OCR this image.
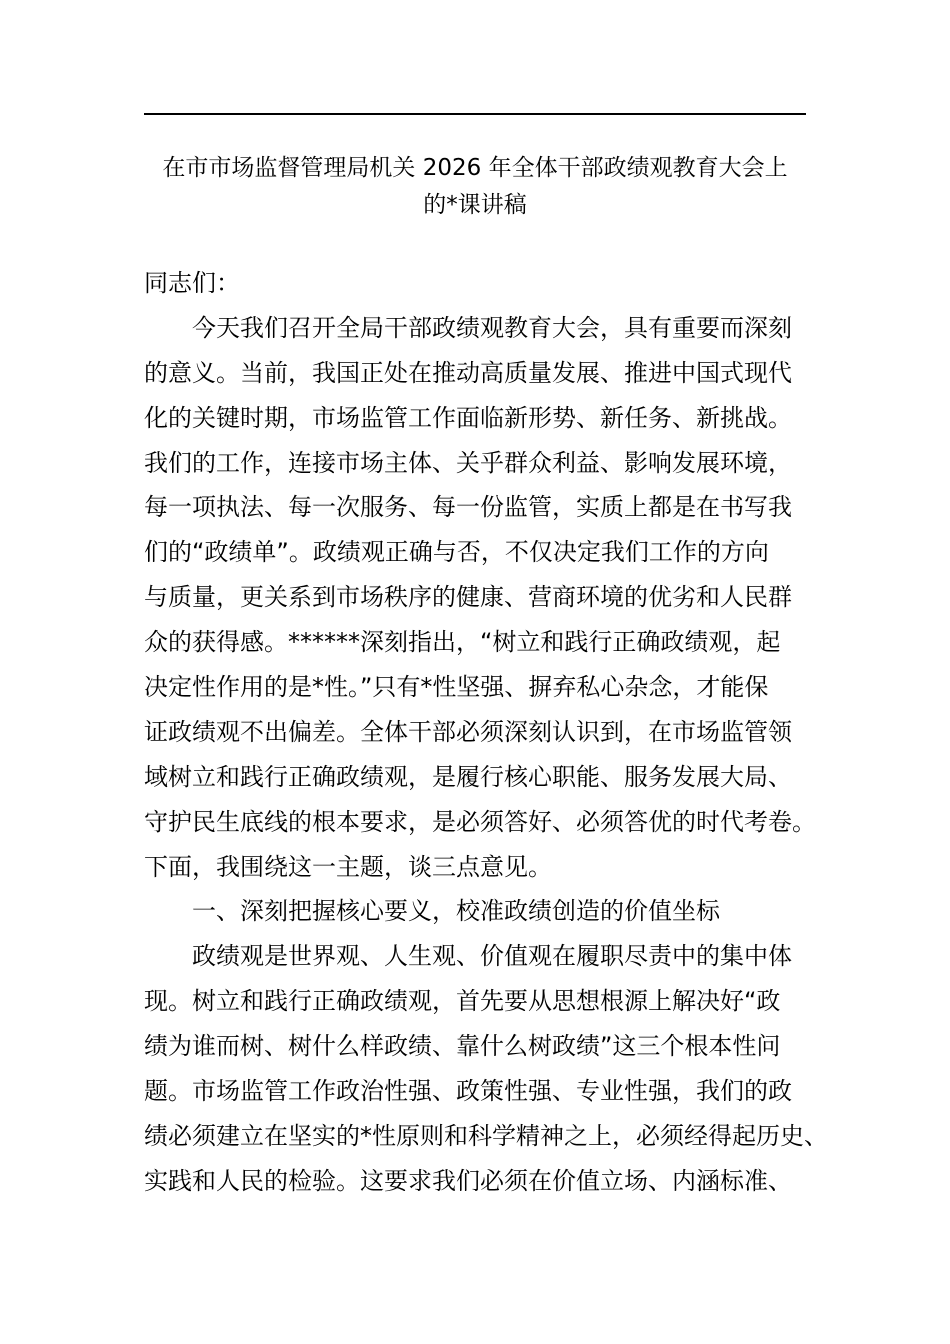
在市市场监督管理局机关 2026 年全体干部政绩观教育大会上
的*课讲稿
同志们：
今天我们召开全局干部政绩观教育大会，具有重要而深刻
的意义。当前，我国正处在推动高质量发展、推进中国式现代
化的关键时期，市场监管工作面临新形势、新任务、新挑战。
我们的工作，连接市场主体、关乎群众利益、影响发展环境，
每一项执法、每一次服务、每一份监管，实质上都是在书写我
们的“政绩单”。政绩观正确与否，不仅决定我们工作的方向
与质量，更关系到市场秩序的健康、营商环境的优劣和人民群
众的获得感。******深刻指出，“树立和践行正确政绩观，起
决定性作用的是*性。”只有*性坚强、摒弃私心杂念，才能保
证政绩观不出偏差。全体干部必须深刻认识到，在市场监管领
域树立和践行正确政绩观，是履行核心职能、服务发展大局、
守护民生底线的根本要求，是必须答好、必须答优的时代考卷。
下面，我围绕这一主题，谈三点意见。
一、深刻把握核心要义，校准政绩创造的价值坐标
政绩观是世界观、人生观、价值观在履职尽责中的集中体
现。树立和践行正确政绩观，首先要从思想根源上解决好“政
绩为谁而树、树什么样政绩、靠什么树政绩”这三个根本性问
题。市场监管工作政治性强、政策性强、专业性强，我们的政
绩必须建立在坚实的*性原则和科学精神之上，必须经得起历史、
实践和人民的检验。这要求我们必须在价值立场、内涵标准、
